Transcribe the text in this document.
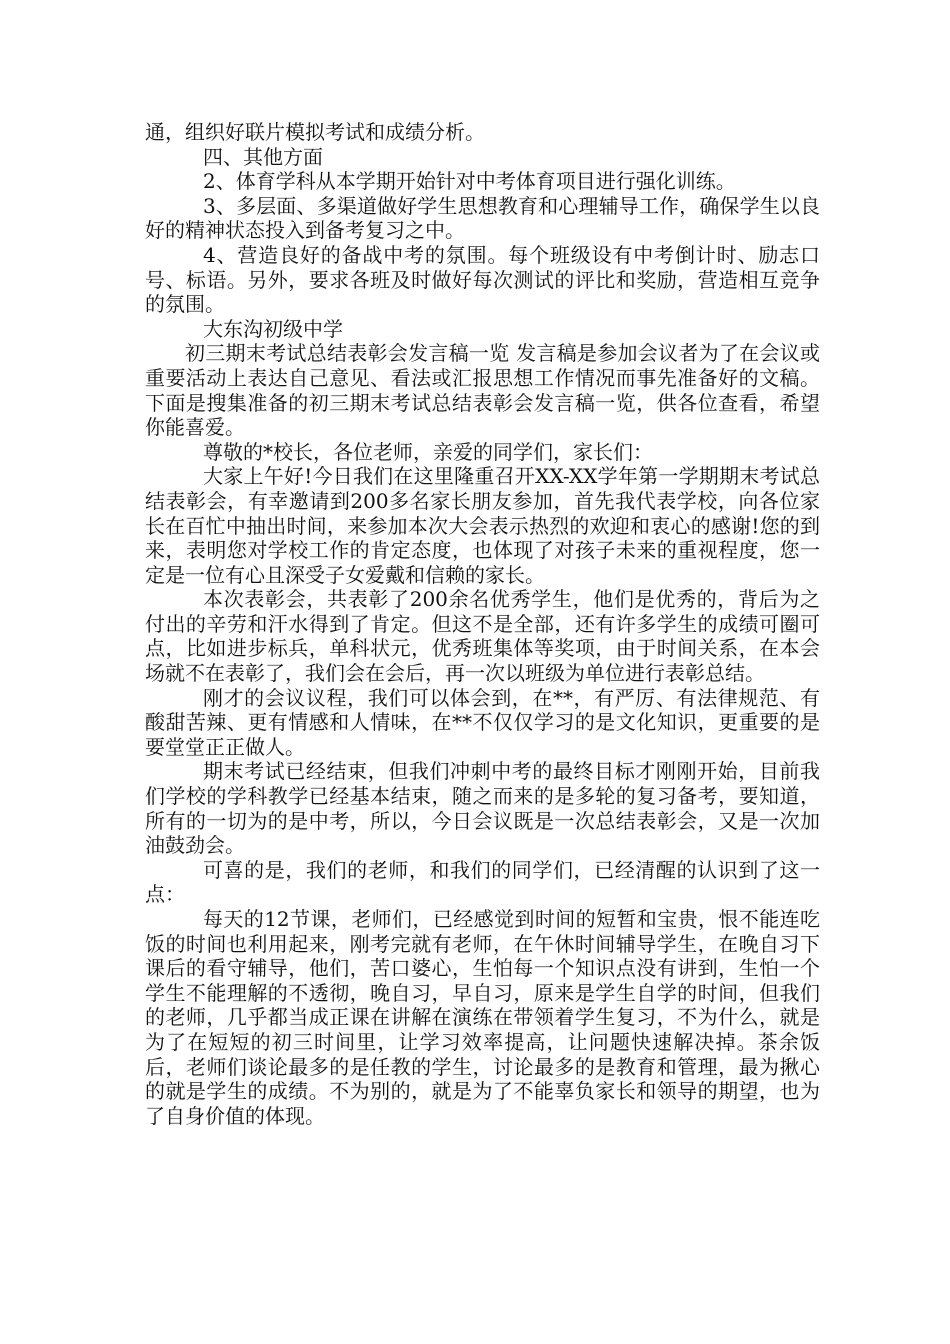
通，组织好联片模拟考试和成绩分析。

四、其他方面

2、体育学科从本学期开始针对中考体育项目进行强化训练。

3、多层面、多渠道做好学生思想教育和心理辅导工作，确保学生以良好的精神状态投入到备考复习之中。

4、营造良好的备战中考的氛围。每个班级设有中考倒计时、励志口号、标语。另外，要求各班及时做好每次测试的评比和奖励，营造相互竞争的氛围。

大东沟初级中学

初三期末考试总结表彰会发言稿一览 发言稿是参加会议者为了在会议或重要活动上表达自己意见、看法或汇报思想工作情况而事先准备好的文稿。下面是搜集准备的初三期末考试总结表彰会发言稿一览，供各位查看，希望你能喜爱。

尊敬的*校长，各位老师，亲爱的同学们，家长们：

大家上午好!今日我们在这里隆重召开XX-XX学年第一学期期末考试总结表彰会，有幸邀请到200多名家长朋友参加，首先我代表学校，向各位家长在百忙中抽出时间，来参加本次大会表示热烈的欢迎和衷心的感谢!您的到来，表明您对学校工作的肯定态度，也体现了对孩子未来的重视程度，您一定是一位有心且深受子女爱戴和信赖的家长。

本次表彰会，共表彰了200余名优秀学生，他们是优秀的，背后为之付出的辛劳和汗水得到了肯定。但这不是全部，还有许多学生的成绩可圈可点，比如进步标兵，单科状元，优秀班集体等奖项，由于时间关系，在本会场就不在表彰了，我们会在会后，再一次以班级为单位进行表彰总结。

刚才的会议议程，我们可以体会到，在**，有严厉、有法律规范、有酸甜苦辣、更有情感和人情味，在**不仅仅学习的是文化知识，更重要的是要堂堂正正做人。

期末考试已经结束，但我们冲刺中考的最终目标才刚刚开始，目前我们学校的学科教学已经基本结束，随之而来的是多轮的复习备考，要知道，所有的一切为的是中考，所以，今日会议既是一次总结表彰会，又是一次加油鼓劲会。

可喜的是，我们的老师，和我们的同学们，已经清醒的认识到了这一点：

每天的12节课，老师们，已经感觉到时间的短暂和宝贵，恨不能连吃饭的时间也利用起来，刚考完就有老师，在午休时间辅导学生，在晚自习下课后的看守辅导，他们，苦口婆心，生怕每一个知识点没有讲到，生怕一个学生不能理解的不透彻，晚自习，早自习，原来是学生自学的时间，但我们的老师，几乎都当成正课在讲解在演练在带领着学生复习，不为什么，就是为了在短短的初三时间里，让学习效率提高，让问题快速解决掉。茶余饭后，老师们谈论最多的是任教的学生，讨论最多的是教育和管理，最为揪心的就是学生的成绩。不为别的，就是为了不能辜负家长和领导的期望，也为了自身价值的体现。
